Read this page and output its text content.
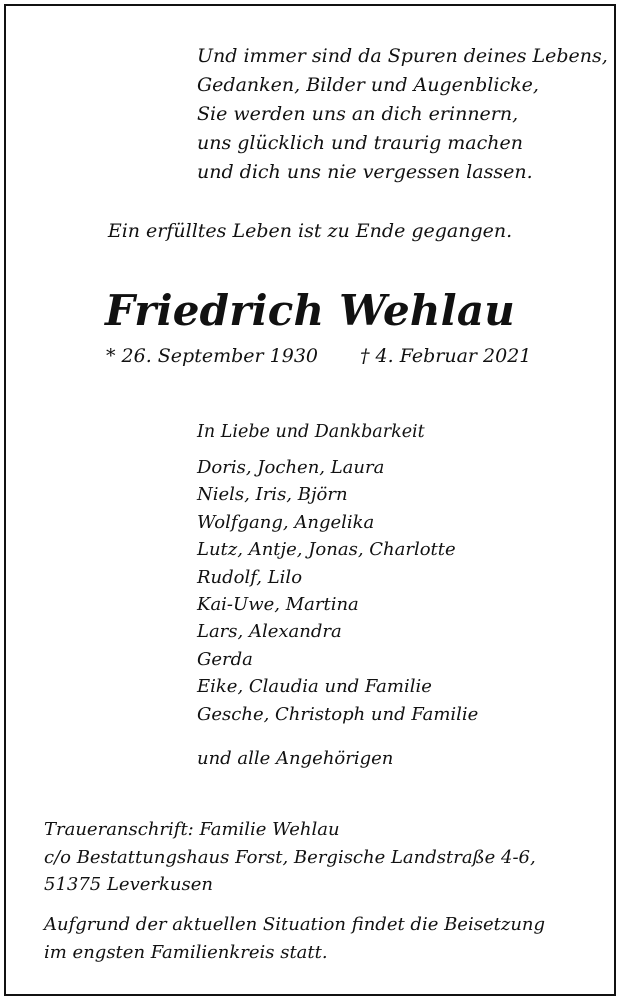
Und immer sind da Spuren deines Lebens,
Gedanken, Bilder und Augenblicke,
Sie werden uns an dich erinnern,
uns glücklich und traurig machen
und dich uns nie vergessen lassen.
Ein erfülltes Leben ist zu Ende gegangen.
Friedrich Wehlau
* 26. September 1930 † 4. Februar 2021
In Liebe und Dankbarkeit
Doris, Jochen, Laura
Niels, Iris, Björn
Wolfgang, Angelika
Lutz, Antje, Jonas, Charlotte
Rudolf, Lilo
Kai-Uwe, Martina
Lars, Alexandra
Gerda
Eike, Claudia und Familie
Gesche, Christoph und Familie
und alle Angehörigen
Traueranschrift: Familie Wehlau
c/o Bestattungshaus Forst, Bergische Landstraße 4-6,
51375 Leverkusen
Aufgrund der aktuellen Situation findet die Beisetzung
im engsten Familienkreis statt.
